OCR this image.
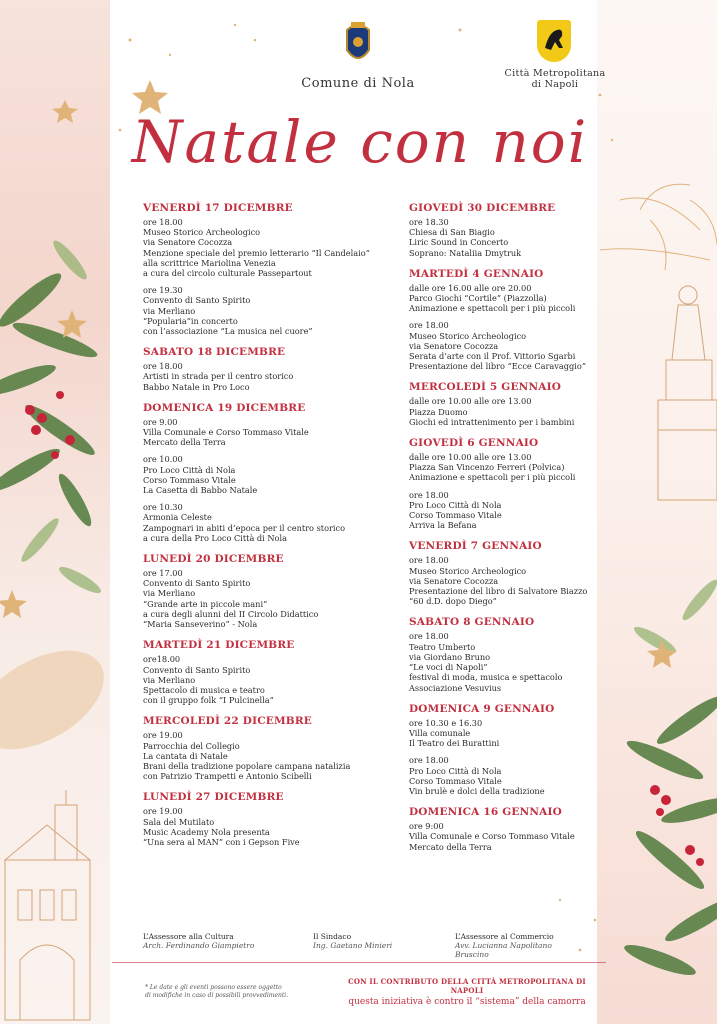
Comune di Nola
Città Metropolitana
di Napoli
Natale con noi
VENERDÌ 17 DICEMBRE
ore 18.00
Museo Storico Archeologico
via Senatore Cocozza
Menzione speciale del premio letterario “Il Candelaio”
alla scrittrice Mariolina Venezia
a cura del circolo culturale Passepartout
ore 19.30
Convento di Santo Spirito
via Merliano
“Popularia”in concerto
con l’associazione “La musica nel cuore”
SABATO 18 DICEMBRE
ore 18.00
Artisti in strada per il centro storico
Babbo Natale in Pro Loco
DOMENICA 19 DICEMBRE
ore 9.00
Villa Comunale e Corso Tommaso Vitale
Mercato della Terra
ore 10.00
Pro Loco Città di Nola
Corso Tommaso Vitale
La Casetta di Babbo Natale
ore 10.30
Armonia Celeste
Zampognari in abiti d’epoca per il centro storico
a cura della Pro Loco Città di Nola
LUNEDÌ 20 DICEMBRE
ore 17.00
Convento di Santo Spirito
via Merliano
“Grande arte in piccole mani”
a cura degli alunni del II Circolo Didattico
“Maria Sanseverino” - Nola
MARTEDÌ 21 DICEMBRE
ore18.00
Convento di Santo Spirito
via Merliano
Spettacolo di musica e teatro
con il gruppo folk “I Pulcinella”
MERCOLEDÌ 22 DICEMBRE
ore 19.00
Parrocchia del Collegio
La cantata di Natale
Brani della tradizione popolare campana natalizia
con Patrizio Trampetti e Antonio Scibelli
LUNEDÌ 27 DICEMBRE
ore 19.00
Sala del Mutilato
Music Academy Nola presenta
“Una sera al MAN” con i Gepson Five
GIOVEDÌ 30 DICEMBRE
ore 18.30
Chiesa di San Biagio
Liric Sound in Concerto
Soprano: Nataliia Dmytruk
MARTEDÌ 4 GENNAIO
dalle ore 16.00 alle ore 20.00
Parco Giochi “Cortile” (Piazzolla)
Animazione e spettacoli per i più piccoli
ore 18.00
Museo Storico Archeologico
via Senatore Cocozza
Serata d’arte con il Prof. Vittorio Sgarbi
Presentazione del libro “Ecce Caravaggio”
MERCOLEDÌ 5 GENNAIO
dalle ore 10.00 alle ore 13.00
Piazza Duomo
Giochi ed intrattenimento per i bambini
GIOVEDÌ 6 GENNAIO
dalle ore 10.00 alle ore 13.00
Piazza San Vincenzo Ferreri (Polvica)
Animazione e spettacoli per i più piccoli
ore 18.00
Pro Loco Città di Nola
Corso Tommaso Vitale
Arriva la Befana
VENERDÌ 7 GENNAIO
ore 18.00
Museo Storico Archeologico
via Senatore Cocozza
Presentazione del libro di Salvatore Biazzo
“60 d.D. dopo Diego”
SABATO 8 GENNAIO
ore 18.00
Teatro Umberto
via Giordano Bruno
“Le voci di Napoli”
festival di moda, musica e spettacolo
Associazione Vesuvius
DOMENICA 9 GENNAIO
ore 10.30 e 16.30
Villa comunale
Il Teatro dei Burattini
ore 18.00
Pro Loco Città di Nola
Corso Tommaso Vitale
Vin brulè e dolci della tradizione
DOMENICA 16 GENNAIO
ore 9:00
Villa Comunale e Corso Tommaso Vitale
Mercato della Terra
L’Assessore alla Cultura
Arch. Ferdinando Giampietro
Il Sindaco
Ing. Gaetano Minieri
L’Assessore al Commercio
Avv. Lucianna Napolitano Bruscino
* Le date e gli eventi possono essere oggetto
di modifiche in caso di possibili provvedimenti.
CON IL CONTRIBUTO DELLA CITTÀ METROPOLITANA DI NAPOLI
questa iniziativa è contro il “sistema” della camorra
